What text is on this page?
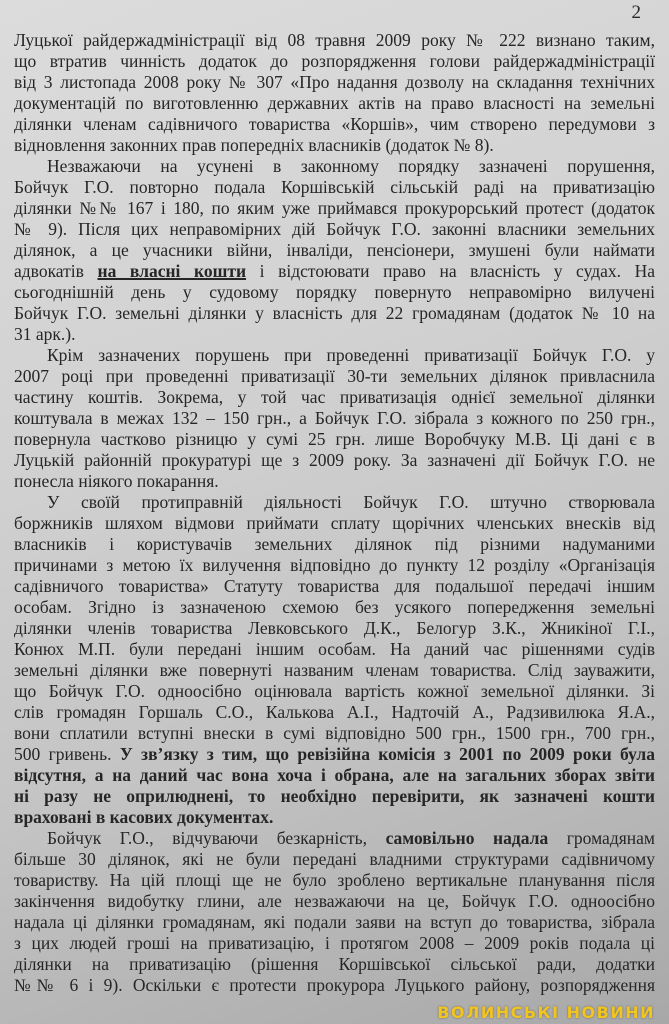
2
Луцької райдержадміністрації від 08 травня 2009 року № 222 визнано таким,
що втратив чинність додаток до розпорядження голови райдержадміністрації
від 3 листопада 2008 року № 307 «Про надання дозволу на складання технічних
документацій по виготовленню державних актів на право власності на земельні
ділянки членам садівничого товариства «Коршів», чим створено передумови з
відновлення законних прав попередніх власників (додаток № 8).
Незважаючи на усунені в законному порядку зазначені порушення,
Бойчук Г.О. повторно подала Коршівській сільській раді на приватизацію
ділянки №№ 167 і 180, по яким уже приймався прокурорський протест (додаток
№ 9). Після цих неправомірних дій Бойчук Г.О. законні власники земельних
ділянок, а це учасники війни, інваліди, пенсіонери, змушені були наймати
адвокатів на власні кошти і відстоювати право на власність у судах. На
сьогоднішній день у судовому порядку повернуто неправомірно вилучені
Бойчук Г.О. земельні ділянки у власність для 22 громадянам (додаток № 10 на
31 арк.).
Крім зазначених порушень при проведенні приватизації Бойчук Г.О. у
2007 році при проведенні приватизації 30-ти земельних ділянок привласнила
частину коштів. Зокрема, у той час приватизація однієї земельної ділянки
коштувала в межах 132 – 150 грн., а Бойчук Г.О. зібрала з кожного по 250 грн.,
повернула частково різницю у сумі 25 грн. лише Воробчуку М.В. Ці дані є в
Луцькій районній прокуратурі ще з 2009 року. За зазначені дії Бойчук Г.О. не
понесла ніякого покарання.
У своїй протиправній діяльності Бойчук Г.О. штучно створювала
боржників шляхом відмови приймати сплату щорічних членських внесків від
власників і користувачів земельних ділянок під різними надуманими
причинами з метою їх вилучення відповідно до пункту 12 розділу «Організація
садівничого товариства» Статуту товариства для подальшої передачі іншим
особам. Згідно із зазначеною схемою без усякого попередження земельні
ділянки членів товариства Левковського Д.К., Белогур З.К., Жникіної Г.І.,
Конюх М.П. були передані іншим особам. На даний час рішеннями судів
земельні ділянки вже повернуті названим членам товариства. Слід зауважити,
що Бойчук Г.О. одноосібно оцінювала вартість кожної земельної ділянки. Зі
слів громадян Горшаль С.О., Калькова А.І., Надточій А., Радзивилюка Я.А.,
вони сплатили вступні внески в сумі відповідно 500 грн., 1500 грн., 700 грн.,
500 гривень. У зв’язку з тим, що ревізійна комісія з 2001 по 2009 роки була
відсутня, а на даний час вона хоча і обрана, але на загальних зборах звіти
ні разу не оприлюднені, то необхідно перевірити, як зазначені кошти
враховані в касових документах.
Бойчук Г.О., відчуваючи безкарність, самовільно надала громадянам
більше 30 ділянок, які не були передані владними структурами садівничому
товариству. На цій площі ще не було зроблено вертикальне планування після
закінчення видобутку глини, але незважаючи на це, Бойчук Г.О. одноосібно
надала ці ділянки громадянам, які подали заяви на вступ до товариства, зібрала
з цих людей гроші на приватизацію, і протягом 2008 – 2009 років подала ці
ділянки на приватизацію (рішення Коршівської сільської ради, додатки
№№ 6 і 9). Оскільки є протести прокурора Луцького району, розпорядження
ВОЛИНСЬКІ НОВИНИ
